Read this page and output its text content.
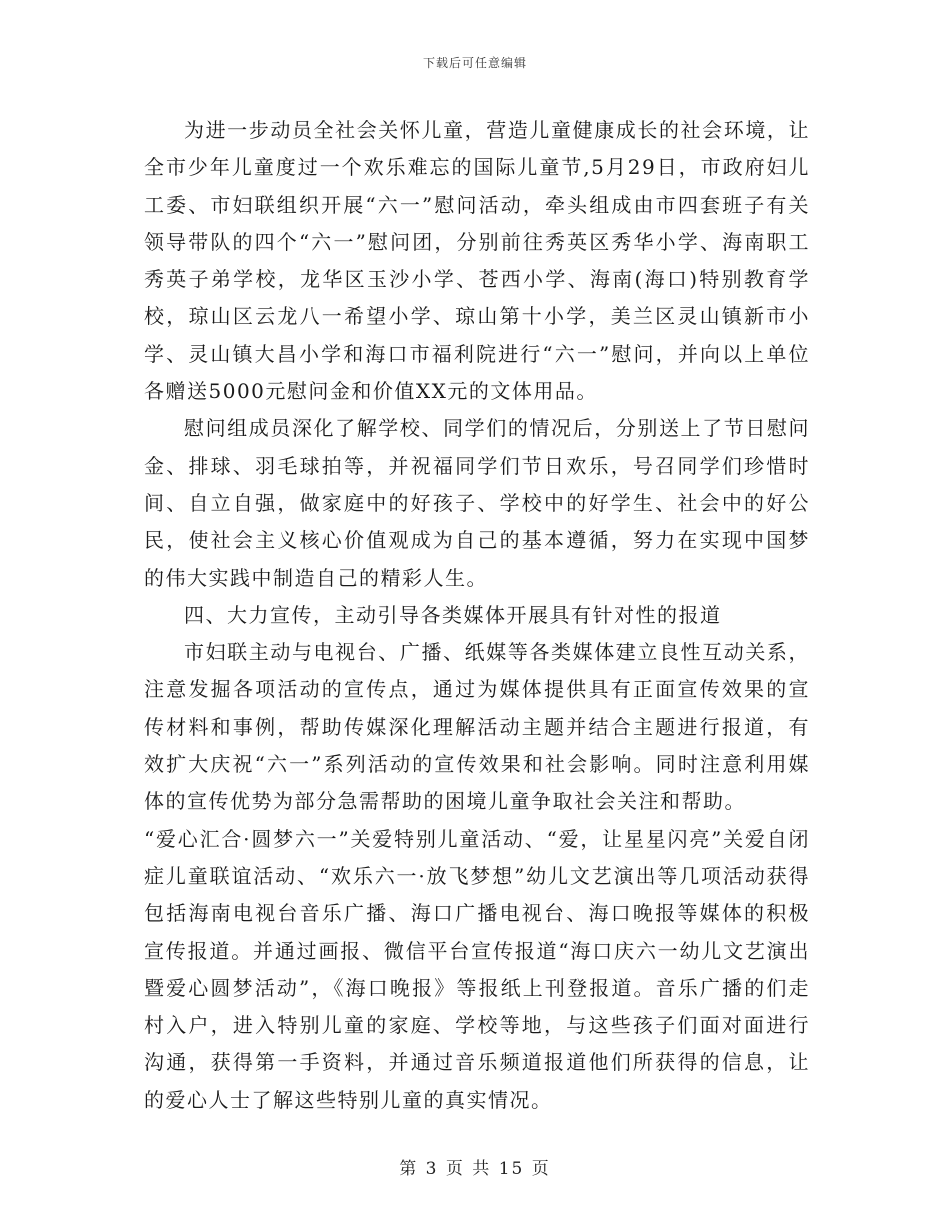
下载后可任意编辑

为进一步动员全社会关怀儿童，营造儿童健康成长的社会环境，让全市少年儿童度过一个欢乐难忘的国际儿童节,5月29日，市政府妇儿工委、市妇联组织开展“六一”慰问活动，牵头组成由市四套班子有关领导带队的四个“六一”慰问团，分别前往秀英区秀华小学、海南职工秀英子弟学校，龙华区玉沙小学、苍西小学、海南(海口)特别教育学校，琼山区云龙八一希望小学、琼山第十小学，美兰区灵山镇新市小学、灵山镇大昌小学和海口市福利院进行“六一”慰问，并向以上单位各赠送5000元慰问金和价值XX元的文体用品。

慰问组成员深化了解学校、同学们的情况后，分别送上了节日慰问金、排球、羽毛球拍等，并祝福同学们节日欢乐，号召同学们珍惜时间、自立自强，做家庭中的好孩子、学校中的好学生、社会中的好公民，使社会主义核心价值观成为自己的基本遵循，努力在实现中国梦的伟大实践中制造自己的精彩人生。

四、大力宣传，主动引导各类媒体开展具有针对性的报道

市妇联主动与电视台、广播、纸媒等各类媒体建立良性互动关系，注意发掘各项活动的宣传点，通过为媒体提供具有正面宣传效果的宣传材料和事例，帮助传媒深化理解活动主题并结合主题进行报道，有效扩大庆祝“六一”系列活动的宣传效果和社会影响。同时注意利用媒体的宣传优势为部分急需帮助的困境儿童争取社会关注和帮助。

“爱心汇合·圆梦六一”关爱特别儿童活动、“爱，让星星闪亮”关爱自闭症儿童联谊活动、“欢乐六一·放飞梦想”幼儿文艺演出等几项活动获得包括海南电视台音乐广播、海口广播电视台、海口晚报等媒体的积极宣传报道。并通过画报、微信平台宣传报道“海口庆六一幼儿文艺演出暨爱心圆梦活动”，《海口晚报》等报纸上刊登报道。音乐广播的们走村入户，进入特别儿童的家庭、学校等地，与这些孩子们面对面进行沟通，获得第一手资料，并通过音乐频道报道他们所获得的信息，让的爱心人士了解这些特别儿童的真实情况。

第 3 页 共 15 页
